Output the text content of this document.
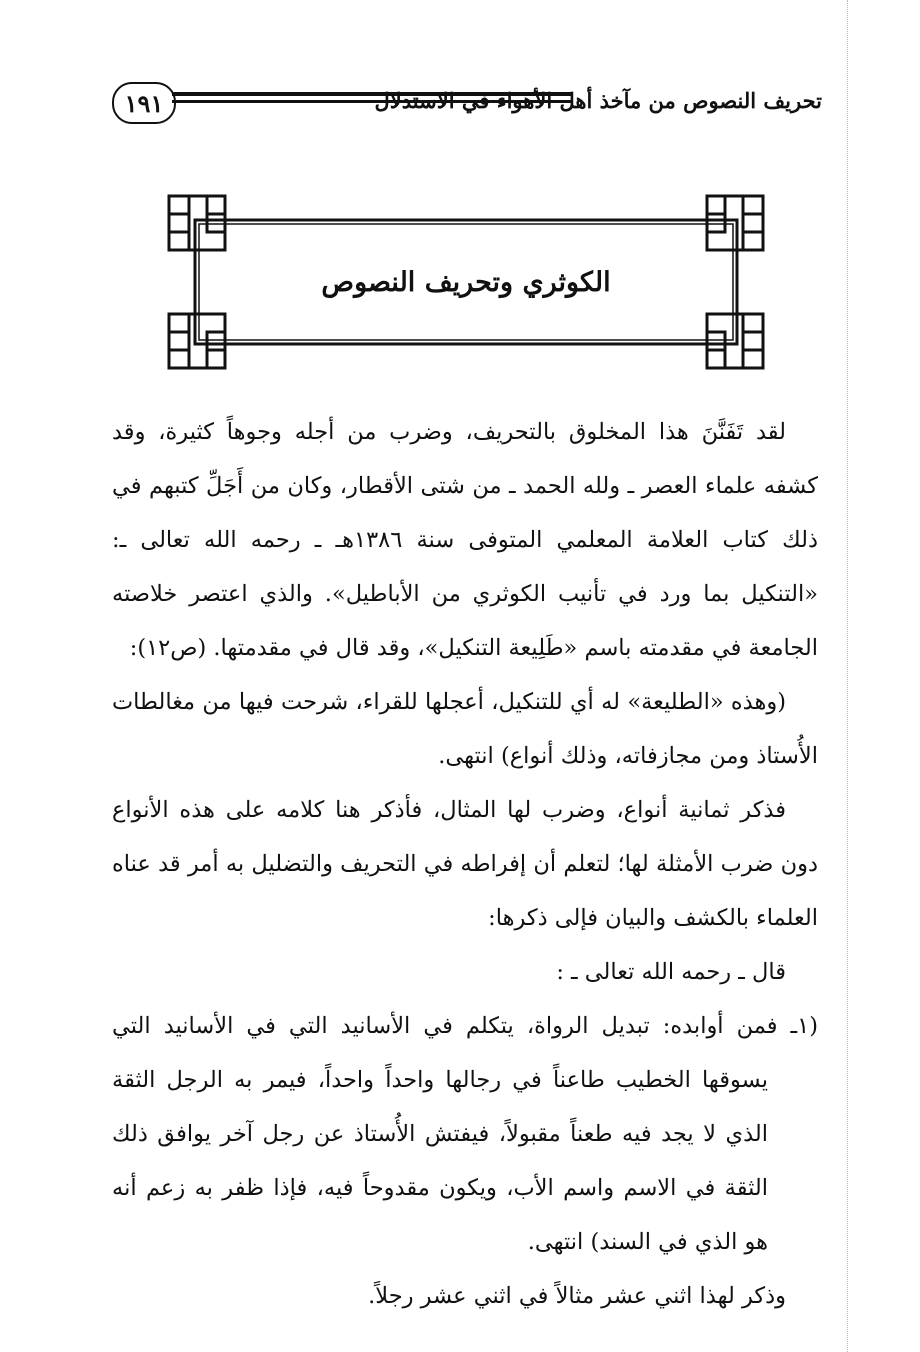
١٩١	تحريف النصوص من مآخذ أهل الأهواء في الاستدلال
الكوثري وتحريف النصوص

لقد تَفَنَّنَ هذا المخلوق بالتحريف، وضرب من أجله وجوهاً كثيرة، وقد كشفه علماء العصر ـ ولله الحمد ـ من شتى الأقطار، وكان من أَجَلِّ كتبهم في ذلك كتاب العلامة المعلمي المتوفى سنة ١٣٨٦هـ ـ رحمه الله تعالى ـ: «التنكيل بما ورد في تأنيب الكوثري من الأباطيل». والذي اعتصر خلاصته الجامعة في مقدمته باسم «طَلِيعة التنكيل»، وقد قال في مقدمتها. (ص١٢):

(وهذه «الطليعة» له أي للتنكيل، أعجلها للقراء، شرحت فيها من مغالطات الأُستاذ ومن مجازفاته، وذلك أنواع) انتهى.

فذكر ثمانية أنواع، وضرب لها المثال، فأذكر هنا كلامه على هذه الأنواع دون ضرب الأمثلة لها؛ لتعلم أن إفراطه في التحريف والتضليل به أمر قد عناه العلماء بالكشف والبيان فإلى ذكرها:

قال ـ رحمه الله تعالى ـ :

(١ـ فمن أوابده: تبديل الرواة، يتكلم في الأسانيد التي في الأسانيد التي يسوقها الخطيب طاعناً في رجالها واحداً واحداً، فيمر به الرجل الثقة الذي لا يجد فيه طعناً مقبولاً، فيفتش الأُستاذ عن رجل آخر يوافق ذلك الثقة في الاسم واسم الأب، ويكون مقدوحاً فيه، فإذا ظفر به زعم أنه هو الذي في السند) انتهى.

وذكر لهذا اثني عشر مثالاً في اثني عشر رجلاً.
